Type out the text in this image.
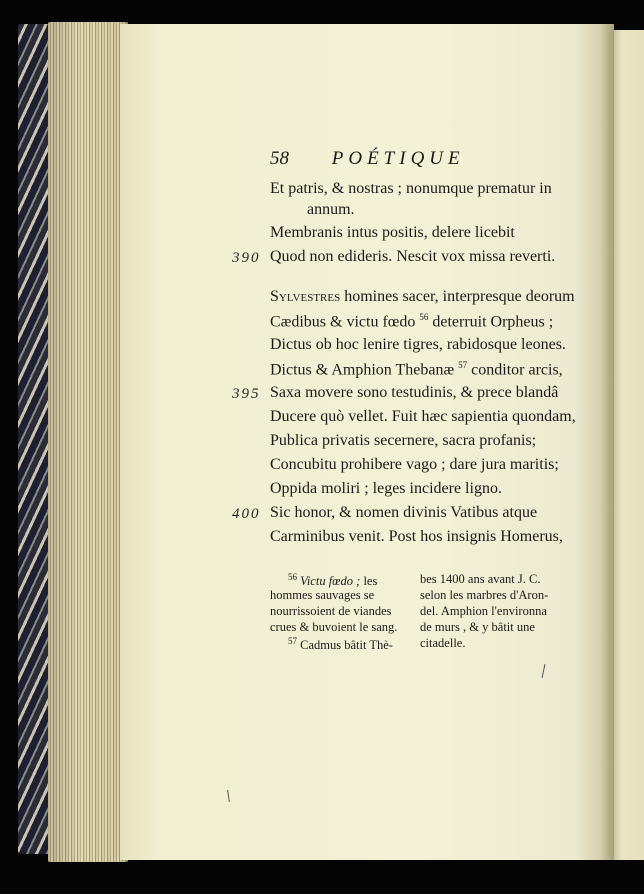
58 POÉTIQUE
Et patris, & nostras ; nonumque prematur in
annum.
Membranis intus positis, delere licebit
Quod non edideris. Nescit vox missa reverti.
Sylvestres homines sacer, interpresque deorum
Cædibus & victu fœdo $^{56}$ deterruit Orpheus ;
Dictus ob hoc lenire tigres, rabidosque leones.
Dictus & Amphion Thebanæ $^{57}$ conditor arcis,
Saxa movere sono testudinis, & prece blandâ
Ducere quò vellet. Fuit hæc sapientia quondam,
Publica privatis secernere, sacra profanis;
Concubitu prohibere vago ; dare jura maritis;
Oppida moliri ; leges incidere ligno.
Sic honor, & nomen divinis Vatibus atque
Carminibus venit. Post hos insignis Homerus,
390
395
400
$^{56}$ Victu fœdo ; les
hommes sauvages se
nourrissoient de viandes
crues & buvoient le sang.
$^{57}$ Cadmus bâtit Thè-
bes 1400 ans avant J. C.
selon les marbres d'Aron-
del. Amphion l'environna
de murs , & y bâtit une
citadelle.
